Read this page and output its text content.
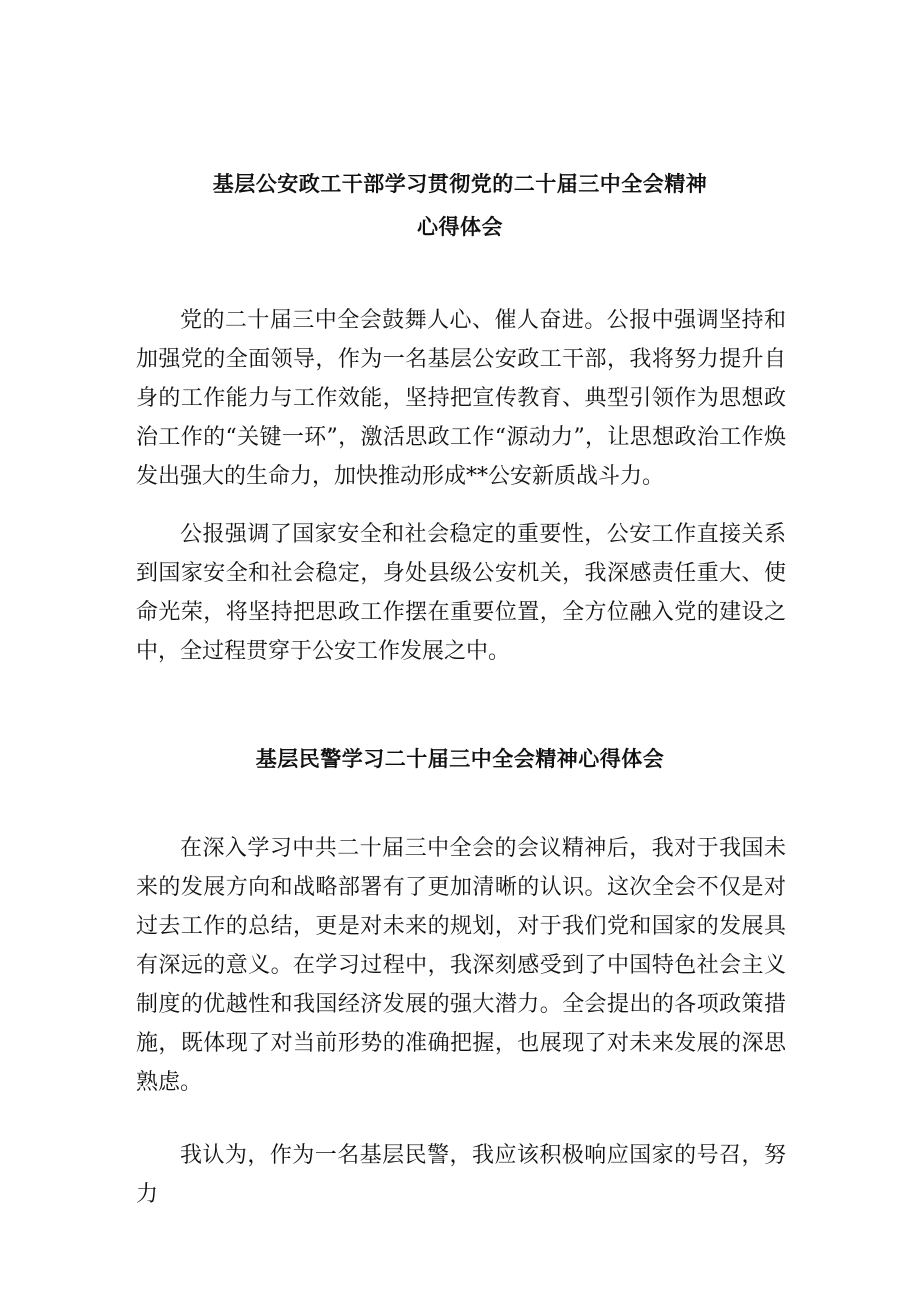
基层公安政工干部学习贯彻党的二十届三中全会精神
心得体会
党的二十届三中全会鼓舞人心、催人奋进。公报中强调坚持和加强党的全面领导，作为一名基层公安政工干部，我将努力提升自身的工作能力与工作效能，坚持把宣传教育、典型引领作为思想政治工作的“关键一环”，激活思政工作“源动力”，让思想政治工作焕发出强大的生命力，加快推动形成**公安新质战斗力。
公报强调了国家安全和社会稳定的重要性，公安工作直接关系到国家安全和社会稳定，身处县级公安机关，我深感责任重大、使命光荣，将坚持把思政工作摆在重要位置，全方位融入党的建设之中，全过程贯穿于公安工作发展之中。
基层民警学习二十届三中全会精神心得体会
在深入学习中共二十届三中全会的会议精神后，我对于我国未来的发展方向和战略部署有了更加清晰的认识。这次全会不仅是对过去工作的总结，更是对未来的规划，对于我们党和国家的发展具有深远的意义。在学习过程中，我深刻感受到了中国特色社会主义制度的优越性和我国经济发展的强大潜力。全会提出的各项政策措施，既体现了对当前形势的准确把握，也展现了对未来发展的深思熟虑。
我认为，作为一名基层民警，我应该积极响应国家的号召，努力
